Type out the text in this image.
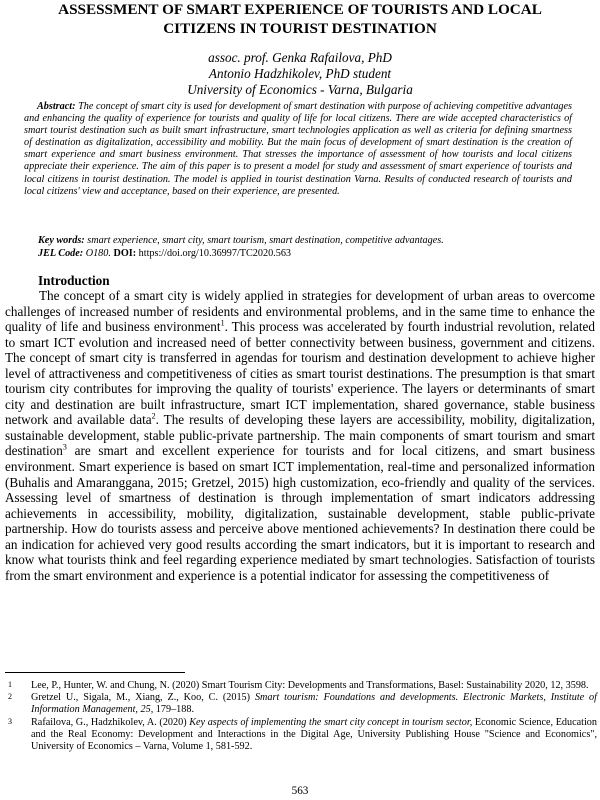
ASSESSMENT OF SMART EXPERIENCE OF TOURISTS AND LOCAL
CITIZENS IN TOURIST DESTINATION
assoc. prof. Genka Rafailova, PhD
Antonio Hadzhikolev, PhD student
University of Economics - Varna, Bulgaria
Abstract: The concept of smart city is used for development of smart destination with purpose of achieving competitive advantages and enhancing the quality of experience for tourists and quality of life for local citizens. There are wide accepted characteristics of smart tourist destination such as built smart infrastructure, smart technologies application as well as criteria for defining smartness of destination as digitalization, accessibility and mobility. But the main focus of development of smart destination is the creation of smart experience and smart business environment. That stresses the importance of assessment of how tourists and local citizens appreciate their experience. The aim of this paper is to present a model for study and assessment of smart experience of tourists and local citizens in tourist destination. The model is applied in tourist destination Varna. Results of conducted research of tourists and local citizens' view and acceptance, based on their experience, are presented.
Key words: smart experience, smart city, smart tourism, smart destination, competitive advantages.
JEL Code: O180. DOI: https://doi.org/10.36997/TC2020.563
Introduction
The concept of a smart city is widely applied in strategies for development of urban areas to overcome challenges of increased number of residents and environmental problems, and in the same time to enhance the quality of life and business environment$^1$. This process was accelerated by fourth industrial revolution, related to smart ICT evolution and increased need of better connectivity between business, government and citizens. The concept of smart city is transferred in agendas for tourism and destination development to achieve higher level of attractiveness and competitiveness of cities as smart tourist destinations. The presumption is that smart tourism city contributes for improving the quality of tourists' experience. The layers or determinants of smart city and destination are built infrastructure, smart ICT implementation, shared governance, stable business network and available data$^2$. The results of developing these layers are accessibility, mobility, digitalization, sustainable development, stable public-private partnership. The main components of smart tourism and smart destination$^3$ are smart and excellent experience for tourists and for local citizens, and smart business environment. Smart experience is based on smart ICT implementation, real-time and personalized information (Buhalis and Amaranggana, 2015; Gretzel, 2015) high customization, eco-friendly and quality of the services. Assessing level of smartness of destination is through implementation of smart indicators addressing achievements in accessibility, mobility, digitalization, sustainable development, stable public-private partnership. How do tourists assess and perceive above mentioned achievements? In destination there could be an indication for achieved very good results according the smart indicators, but it is important to research and know what tourists think and feel regarding experience mediated by smart technologies. Satisfaction of tourists from the smart environment and experience is a potential indicator for assessing the competitiveness of
1 Lee, P., Hunter, W. and Chung, N. (2020) Smart Tourism City: Developments and Transformations, Basel: Sustainability 2020, 12, 3598.
2 Gretzel U., Sigala, M., Xiang, Z., Koo, C. (2015) Smart tourism: Foundations and developments. Electronic Markets, Institute of Information Management, 25, 179–188.
3 Rafailova, G., Hadzhikolev, A. (2020) Key aspects of implementing the smart city concept in tourism sector, Economic Science, Education and the Real Economy: Development and Interactions in the Digital Age, University Publishing House "Science and Economics", University of Economics – Varna, Volume 1, 581-592.
563
